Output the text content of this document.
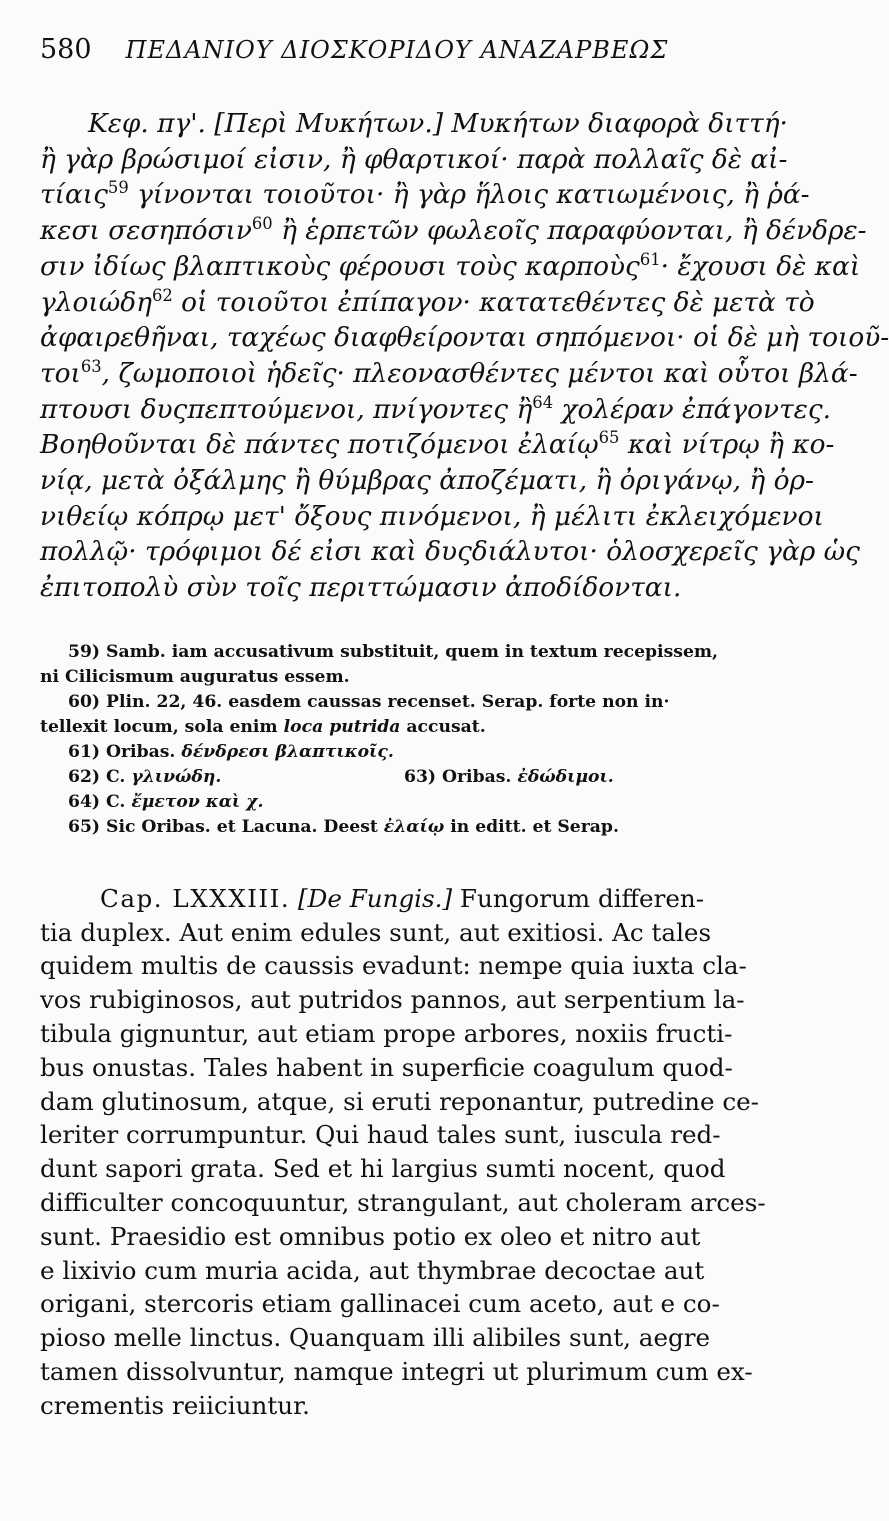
580 ΠΕΔΑΝΙΟΥ ΔΙΟΣΚΟΡΙΔΟΥ ΑΝΑΖΑΡΒΕΩΣ
Κεφ. πγ'. [Περὶ Μυκήτων.] Μυκήτων διαφορὰ διττή·
ἢ γὰρ βρώσιμοί εἰσιν, ἢ φθαρτικοί· παρὰ πολλαῖς δὲ αἰ-
τίαις$^{59}$ γίνονται τοιοῦτοι· ἢ γὰρ ἥλοις κατιωμένοις, ἢ ῥά-
κεσι σεσηπόσιν$^{60}$ ἢ ἑρπετῶν φωλεοῖς παραφύονται, ἢ δένδρε-
σιν ἰδίως βλαπτικοὺς φέρουσι τοὺς καρποὺς$^{61}$· ἔχουσι δὲ καὶ
γλοιώδη$^{62}$ οἱ τοιοῦτοι ἐπίπαγον· κατατεθέντες δὲ μετὰ τὸ
ἀφαιρεθῆναι, ταχέως διαφθείρονται σηπόμενοι· οἱ δὲ μὴ τοιοῦ-
τοι$^{63}$, ζωμοποιοὶ ἡδεῖς· πλεονασθέντες μέντοι καὶ οὗτοι βλά-
πτουσι δυςπεπτούμενοι, πνίγοντες ἢ$^{64}$ χολέραν ἐπάγοντες.
Βοηθοῦνται δὲ πάντες ποτιζόμενοι ἐλαίῳ$^{65}$ καὶ νίτρῳ ἢ κο-
νίᾳ, μετὰ ὀξάλμης ἢ θύμβρας ἀποζέματι, ἢ ὀριγάνῳ, ἢ ὀρ-
νιθείῳ κόπρῳ μετ' ὄξους πινόμενοι, ἢ μέλιτι ἐκλειχόμενοι
πολλῷ· τρόφιμοι δέ εἰσι καὶ δυςδιάλυτοι· ὁλοσχερεῖς γὰρ ὡς
ἐπιτοπολὺ σὺν τοῖς περιττώμασιν ἀποδίδονται.
59) Samb. iam accusativum substituit, quem in textum recepissem,
ni Cilicismum auguratus essem.
60) Plin. 22, 46. easdem caussas recenset. Serap. forte non in·
tellexit locum, sola enim loca putrida accusat.
61) Oribas. δένδρεσι βλαπτικοῖς.
62) C. γλινώδη.	63) Oribas. ἐδώδιμοι.
64) C. ἔμετον καὶ χ.
65) Sic Oribas. et Lacuna. Deest ἐλαίῳ in editt. et Serap.
Cap. LXXXIII. [De Fungis.] Fungorum differen-
tia duplex. Aut enim edules sunt, aut exitiosi. Ac tales
quidem multis de caussis evadunt: nempe quia iuxta cla-
vos rubiginosos, aut putridos pannos, aut serpentium la-
tibula gignuntur, aut etiam prope arbores, noxiis fructi-
bus onustas. Tales habent in superficie coagulum quod-
dam glutinosum, atque, si eruti reponantur, putredine ce-
leriter corrumpuntur. Qui haud tales sunt, iuscula red-
dunt sapori grata. Sed et hi largius sumti nocent, quod
difficulter concoquuntur, strangulant, aut choleram arces-
sunt. Praesidio est omnibus potio ex oleo et nitro aut
e lixivio cum muria acida, aut thymbrae decoctae aut
origani, stercoris etiam gallinacei cum aceto, aut e co-
pioso melle linctus. Quanquam illi alibiles sunt, aegre
tamen dissolvuntur, namque integri ut plurimum cum ex-
crementis reiiciuntur.
